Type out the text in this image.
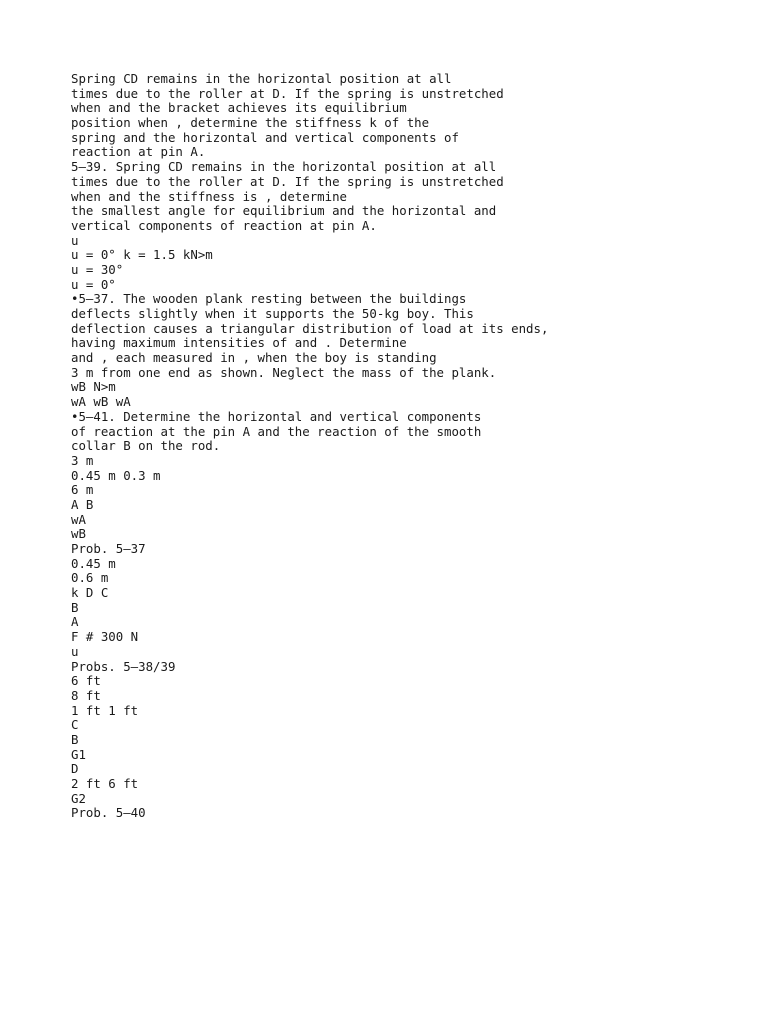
Spring CD remains in the horizontal position at all

times due to the roller at D. If the spring is unstretched

when and the bracket achieves its equilibrium

position when , determine the stiffness k of the

spring and the horizontal and vertical components of

reaction at pin A.

5–39. Spring CD remains in the horizontal position at all

times due to the roller at D. If the spring is unstretched

when and the stiffness is , determine

the smallest angle for equilibrium and the horizontal and

vertical components of reaction at pin A.

u

u = 0° k = 1.5 kN>m

u = 30°

u = 0°

•5–37. The wooden plank resting between the buildings

deflects slightly when it supports the 50-kg boy. This

deflection causes a triangular distribution of load at its ends,

having maximum intensities of and . Determine

and , each measured in , when the boy is standing

3 m from one end as shown. Neglect the mass of the plank.

wB N>m

wA wB wA

•5–41. Determine the horizontal and vertical components

of reaction at the pin A and the reaction of the smooth

collar B on the rod.

3 m

0.45 m 0.3 m

6 m

A B

wA

wB

Prob. 5–37

0.45 m

0.6 m

k D C

B

A

F # 300 N

u

Probs. 5–38/39

6 ft

8 ft

1 ft 1 ft

C

B

G1

D

2 ft 6 ft

G2

Prob. 5–40
